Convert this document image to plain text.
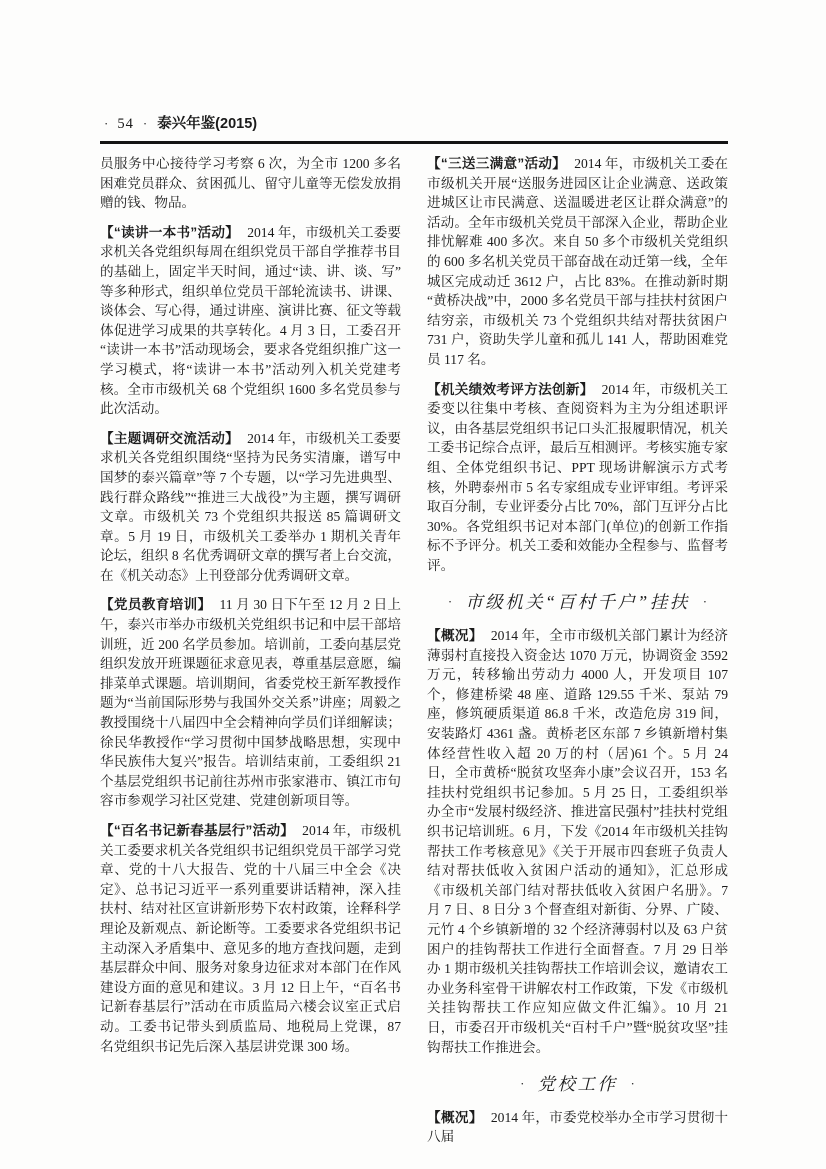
· 54 · 泰兴年鉴(2015)

员服务中心接待学习考察 6 次，为全市 1200 多名困难党员群众、贫困孤儿、留守儿童等无偿发放捐赠的钱、物品。

【“读讲一本书”活动】 2014 年，市级机关工委要求机关各党组织每周在组织党员干部自学推荐书目的基础上，固定半天时间，通过“读、讲、谈、写”等多种形式，组织单位党员干部轮流读书、讲课、谈体会、写心得，通过讲座、演讲比赛、征文等载体促进学习成果的共享转化。4 月 3 日，工委召开“读讲一本书”活动现场会，要求各党组织推广这一学习模式，将“读讲一本书”活动列入机关党建考核。全市市级机关 68 个党组织 1600 多名党员参与此次活动。

【主题调研交流活动】 2014 年，市级机关工委要求机关各党组织围绕“坚持为民务实清廉，谱写中国梦的泰兴篇章”等 7 个专题，以“学习先进典型、践行群众路线”“推进三大战役”为主题，撰写调研文章。市级机关 73 个党组织共报送 85 篇调研文章。5 月 19 日，市级机关工委举办 1 期机关青年论坛，组织 8 名优秀调研文章的撰写者上台交流，在《机关动态》上刊登部分优秀调研文章。

【党员教育培训】 11 月 30 日下午至 12 月 2 日上午，泰兴市举办市级机关党组织书记和中层干部培训班，近 200 名学员参加。培训前，工委向基层党组织发放开班课题征求意见表，尊重基层意愿，编排菜单式课题。培训期间，省委党校王新军教授作题为“当前国际形势与我国外交关系”讲座；周毅之教授围绕十八届四中全会精神向学员们详细解读；徐民华教授作“学习贯彻中国梦战略思想，实现中华民族伟大复兴”报告。培训结束前，工委组织 21 个基层党组织书记前往苏州市张家港市、镇江市句容市参观学习社区党建、党建创新项目等。

【“百名书记新春基层行”活动】 2014 年，市级机关工委要求机关各党组织书记组织党员干部学习党章、党的十八大报告、党的十八届三中全会《决定》、总书记习近平一系列重要讲话精神，深入挂扶村、结对社区宣讲新形势下农村政策，诠释科学理论及新观点、新论断等。工委要求各党组织书记主动深入矛盾集中、意见多的地方查找问题，走到基层群众中间、服务对象身边征求对本部门在作风建设方面的意见和建议。3 月 12 日上午，“百名书记新春基层行”活动在市质监局六楼会议室正式启动。工委书记带头到质监局、地税局上党课，87 名党组织书记先后深入基层讲党课 300 场。

【“三送三满意”活动】 2014 年，市级机关工委在市级机关开展“送服务进园区让企业满意、送政策进城区让市民满意、送温暖进老区让群众满意”的活动。全年市级机关党员干部深入企业，帮助企业排忧解难 400 多次。来自 50 多个市级机关党组织的 600 多名机关党员干部奋战在动迁第一线，全年城区完成动迁 3612 户，占比 83%。在推动新时期“黄桥决战”中，2000 多名党员干部与挂扶村贫困户结穷亲，市级机关 73 个党组织共结对帮扶贫困户 731 户，资助失学儿童和孤儿 141 人，帮助困难党员 117 名。

【机关绩效考评方法创新】 2014 年，市级机关工委变以往集中考核、查阅资料为主为分组述职评议，由各基层党组织书记口头汇报履职情况，机关工委书记综合点评，最后互相测评。考核实施专家组、全体党组织书记、PPT 现场讲解演示方式考核，外聘泰州市 5 名专家组成专业评审组。考评采取百分制，专业评委分占比 70%，部门互评分占比 30%。各党组织书记对本部门(单位)的创新工作指标不予评分。机关工委和效能办全程参与、监督考评。

· 市级机关“百村千户”挂扶 ·

【概况】 2014 年，全市市级机关部门累计为经济薄弱村直接投入资金达 1070 万元，协调资金 3592 万元，转移输出劳动力 4000 人，开发项目 107 个，修建桥梁 48 座、道路 129.55 千米、泵站 79 座，修筑硬质渠道 86.8 千米，改造危房 319 间，安装路灯 4361 盏。黄桥老区东部 7 乡镇新增村集体经营性收入超 20 万的村（居)61 个。5 月 24 日，全市黄桥“脱贫攻坚奔小康”会议召开，153 名挂扶村党组织书记参加。5 月 25 日，工委组织举办全市“发展村级经济、推进富民强村”挂扶村党组织书记培训班。6 月，下发《2014 年市级机关挂钩帮扶工作考核意见》《关于开展市四套班子负责人结对帮扶低收入贫困户活动的通知》，汇总形成《市级机关部门结对帮扶低收入贫困户名册》。7 月 7 日、8 日分 3 个督查组对新街、分界、广陵、元竹 4 个乡镇新增的 32 个经济薄弱村以及 63 户贫困户的挂钩帮扶工作进行全面督查。7 月 29 日举办 1 期市级机关挂钩帮扶工作培训会议，邀请农工办业务科室骨干讲解农村工作政策，下发《市级机关挂钩帮扶工作应知应做文件汇编》。10 月 21 日，市委召开市级机关“百村千户”暨“脱贫攻坚”挂钩帮扶工作推进会。

· 党校工作 ·

【概况】 2014 年，市委党校举办全市学习贯彻十八届
